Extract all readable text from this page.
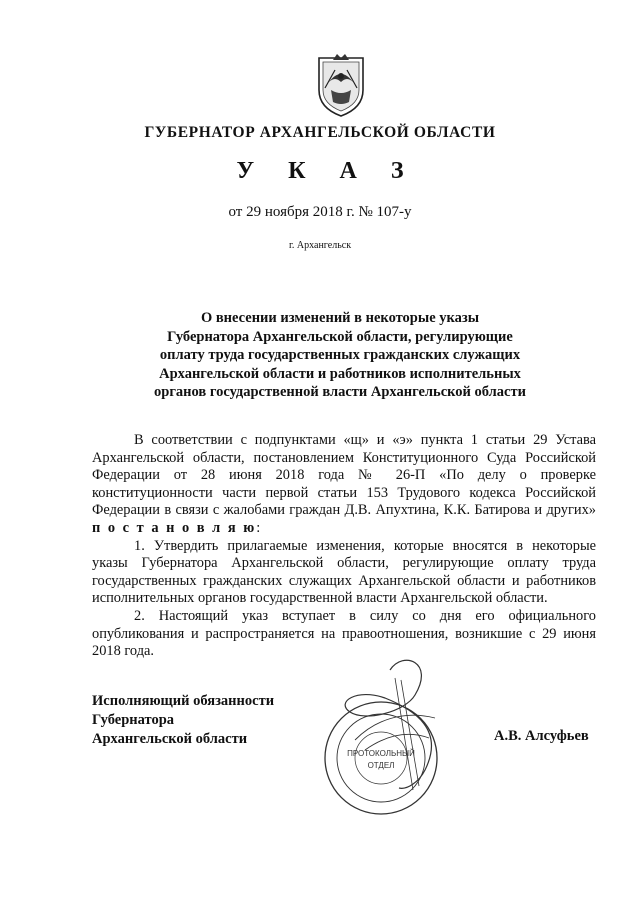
ГУБЕРНАТОР АРХАНГЕЛЬСКОЙ ОБЛАСТИ
У К А З
от 29 ноября 2018 г. № 107-у
г. Архангельск
О внесении изменений в некоторые указы
Губернатора Архангельской области, регулирующие
оплату труда государственных гражданских служащих
Архангельской области и работников исполнительных
органов государственной власти Архангельской области

В соответствии с подпунктами «щ» и «э» пункта 1 статьи 29 Устава Архангельской области, постановлением Конституционного Суда Российской Федерации от 28 июня 2018 года № 26-П «По делу о проверке конституционности части первой статьи 153 Трудового кодекса Российской Федерации в связи с жалобами граждан Д.В. Апухтина, К.К. Батирова и других» п о с т а н о в л я ю:

1. Утвердить прилагаемые изменения, которые вносятся в некоторые указы Губернатора Архангельской области, регулирующие оплату труда государственных гражданских служащих Архангельской области и работников исполнительных органов государственной власти Архангельской области.

2. Настоящий указ вступает в силу со дня его официального опубликования и распространяется на правоотношения, возникшие с 29 июня 2018 года.

ПРОТОКОЛЬНЫЙ
ОТДЕЛ
Исполняющий обязанности
Губернатора
Архангельской области	А.В. Алсуфьев
